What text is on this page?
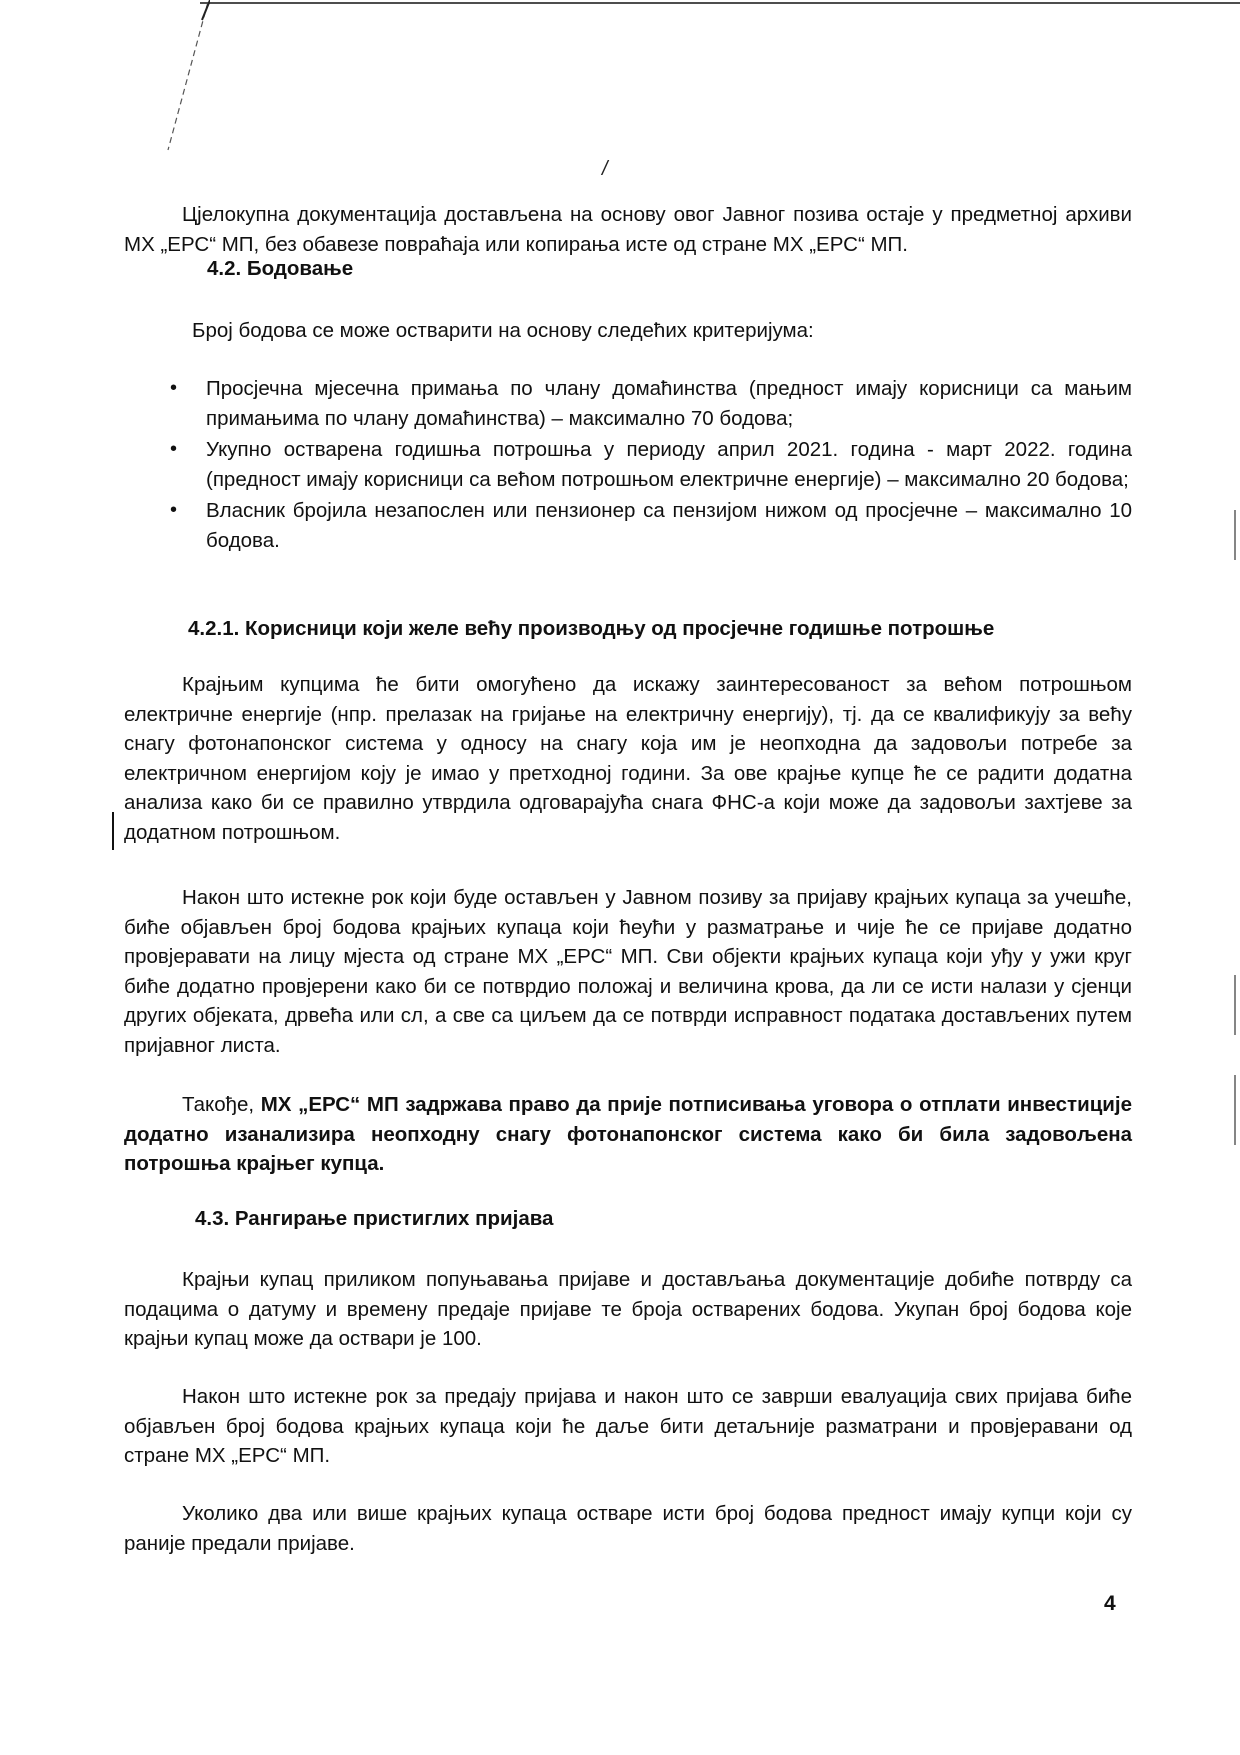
/

Цјелокупна документација достављена на основу овог Јавног позива остаје у предметној архиви МХ „ЕРС“ МП, без обавезе повраћаја или копирања исте од стране МХ „ЕРС“ МП.

4.2. Бодовање

Број бодова се може остварити на основу следећих критеријума:

• Просјечна мјесечна примања по члану домаћинства (предност имају корисници са мањим примањима по члану домаћинства) – максимално 70 бодова;
• Укупно остварена годишња потрошња у периоду април 2021. година - март 2022. година (предност имају корисници са већом потрошњом електричне енергије) – максимално 20 бодова;
• Власник бројила незапослен или пензионер са пензијом нижом од просјечне – максимално 10 бодова.
4.2.1. Корисници који желе већу производњу од просјечне годишње потрошње

Крајњим купцима ће бити омогућено да искажу заинтересованост за већом потрошњом електричне енергије (нпр. прелазак на гријање на електричну енергију), тј. да се квалификују за већу снагу фотонапонског система у односу на снагу која им је неопходна да задовољи потребе за електричном енергијом коју је имао у претходној години. За ове крајње купце ће се радити додатна анализа како би се правилно утврдила одговарајућа снага ФНС-а који може да задовољи захтјеве за додатном потрошњом.

Након што истекне рок који буде остављен у Јавном позиву за пријаву крајњих купаца за учешће, биће објављен број бодова крајњих купаца који ћеући у разматрање и чије ће се пријаве додатно провјеравати на лицу мјеста од стране МХ „ЕРС“ МП. Сви објекти крајњих купаца који уђу у ужи круг биће додатно провјерени како би се потврдио положај и величина крова, да ли се исти налази у сјенци других објеката, дрвећа или сл, а све са циљем да се потврди исправност података достављених путем пријавног листа.

Такође, МХ „ЕРС“ МП задржава право да прије потписивања уговора о отплати инвестиције додатно изанализира неопходну снагу фотонапонског система како би била задовољена потрошња крајњег купца.

4.3. Рангирање пристиглих пријава

Крајњи купац приликом попуњавања пријаве и достављања документације добиће потврду са подацима о датуму и времену предаје пријаве те броја остварених бодова. Укупан број бодова које крајњи купац може да оствари је 100.

Након што истекне рок за предају пријава и након што се заврши евалуација свих пријава биће објављен број бодова крајњих купаца који ће даље бити детаљније разматрани и провјеравани од стране МХ „ЕРС“ МП.

Уколико два или више крајњих купаца остваре исти број бодова предност имају купци који су раније предали пријаве.

4
